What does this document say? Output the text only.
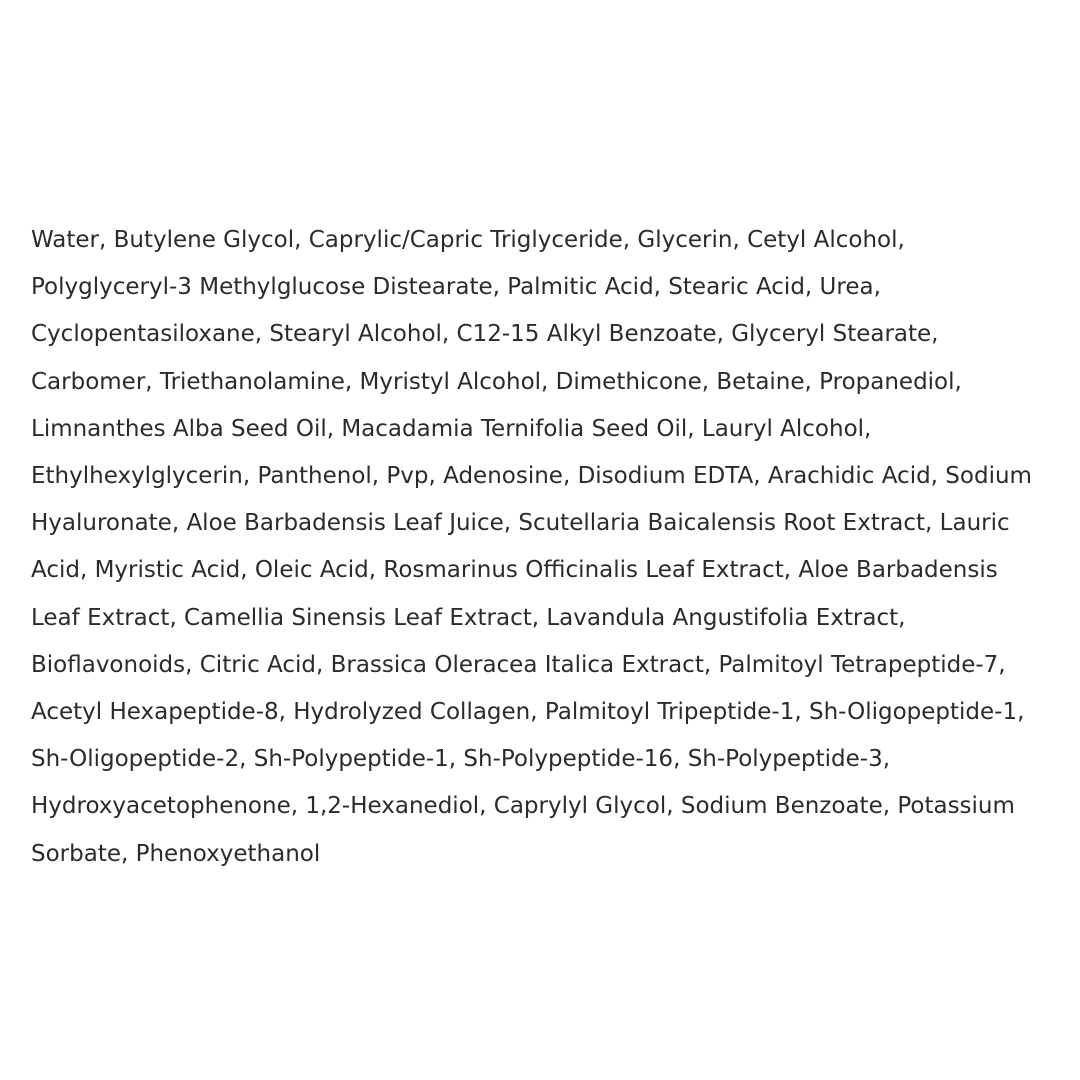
Water, Butylene Glycol, Caprylic/Capric Triglyceride, Glycerin, Cetyl Alcohol,
Polyglyceryl-3 Methylglucose Distearate, Palmitic Acid, Stearic Acid, Urea,
Cyclopentasiloxane, Stearyl Alcohol, C12-15 Alkyl Benzoate, Glyceryl Stearate,
Carbomer, Triethanolamine, Myristyl Alcohol, Dimethicone, Betaine, Propanediol,
Limnanthes Alba Seed Oil, Macadamia Ternifolia Seed Oil, Lauryl Alcohol,
Ethylhexylglycerin, Panthenol, Pvp, Adenosine, Disodium EDTA, Arachidic Acid, Sodium
Hyaluronate, Aloe Barbadensis Leaf Juice, Scutellaria Baicalensis Root Extract, Lauric
Acid, Myristic Acid, Oleic Acid, Rosmarinus Officinalis Leaf Extract, Aloe Barbadensis
Leaf Extract, Camellia Sinensis Leaf Extract, Lavandula Angustifolia Extract,
Bioflavonoids, Citric Acid, Brassica Oleracea Italica Extract, Palmitoyl Tetrapeptide-7,
Acetyl Hexapeptide-8, Hydrolyzed Collagen, Palmitoyl Tripeptide-1, Sh-Oligopeptide-1,
Sh-Oligopeptide-2, Sh-Polypeptide-1, Sh-Polypeptide-16, Sh-Polypeptide-3,
Hydroxyacetophenone, 1,2-Hexanediol, Caprylyl Glycol, Sodium Benzoate, Potassium
Sorbate, Phenoxyethanol
